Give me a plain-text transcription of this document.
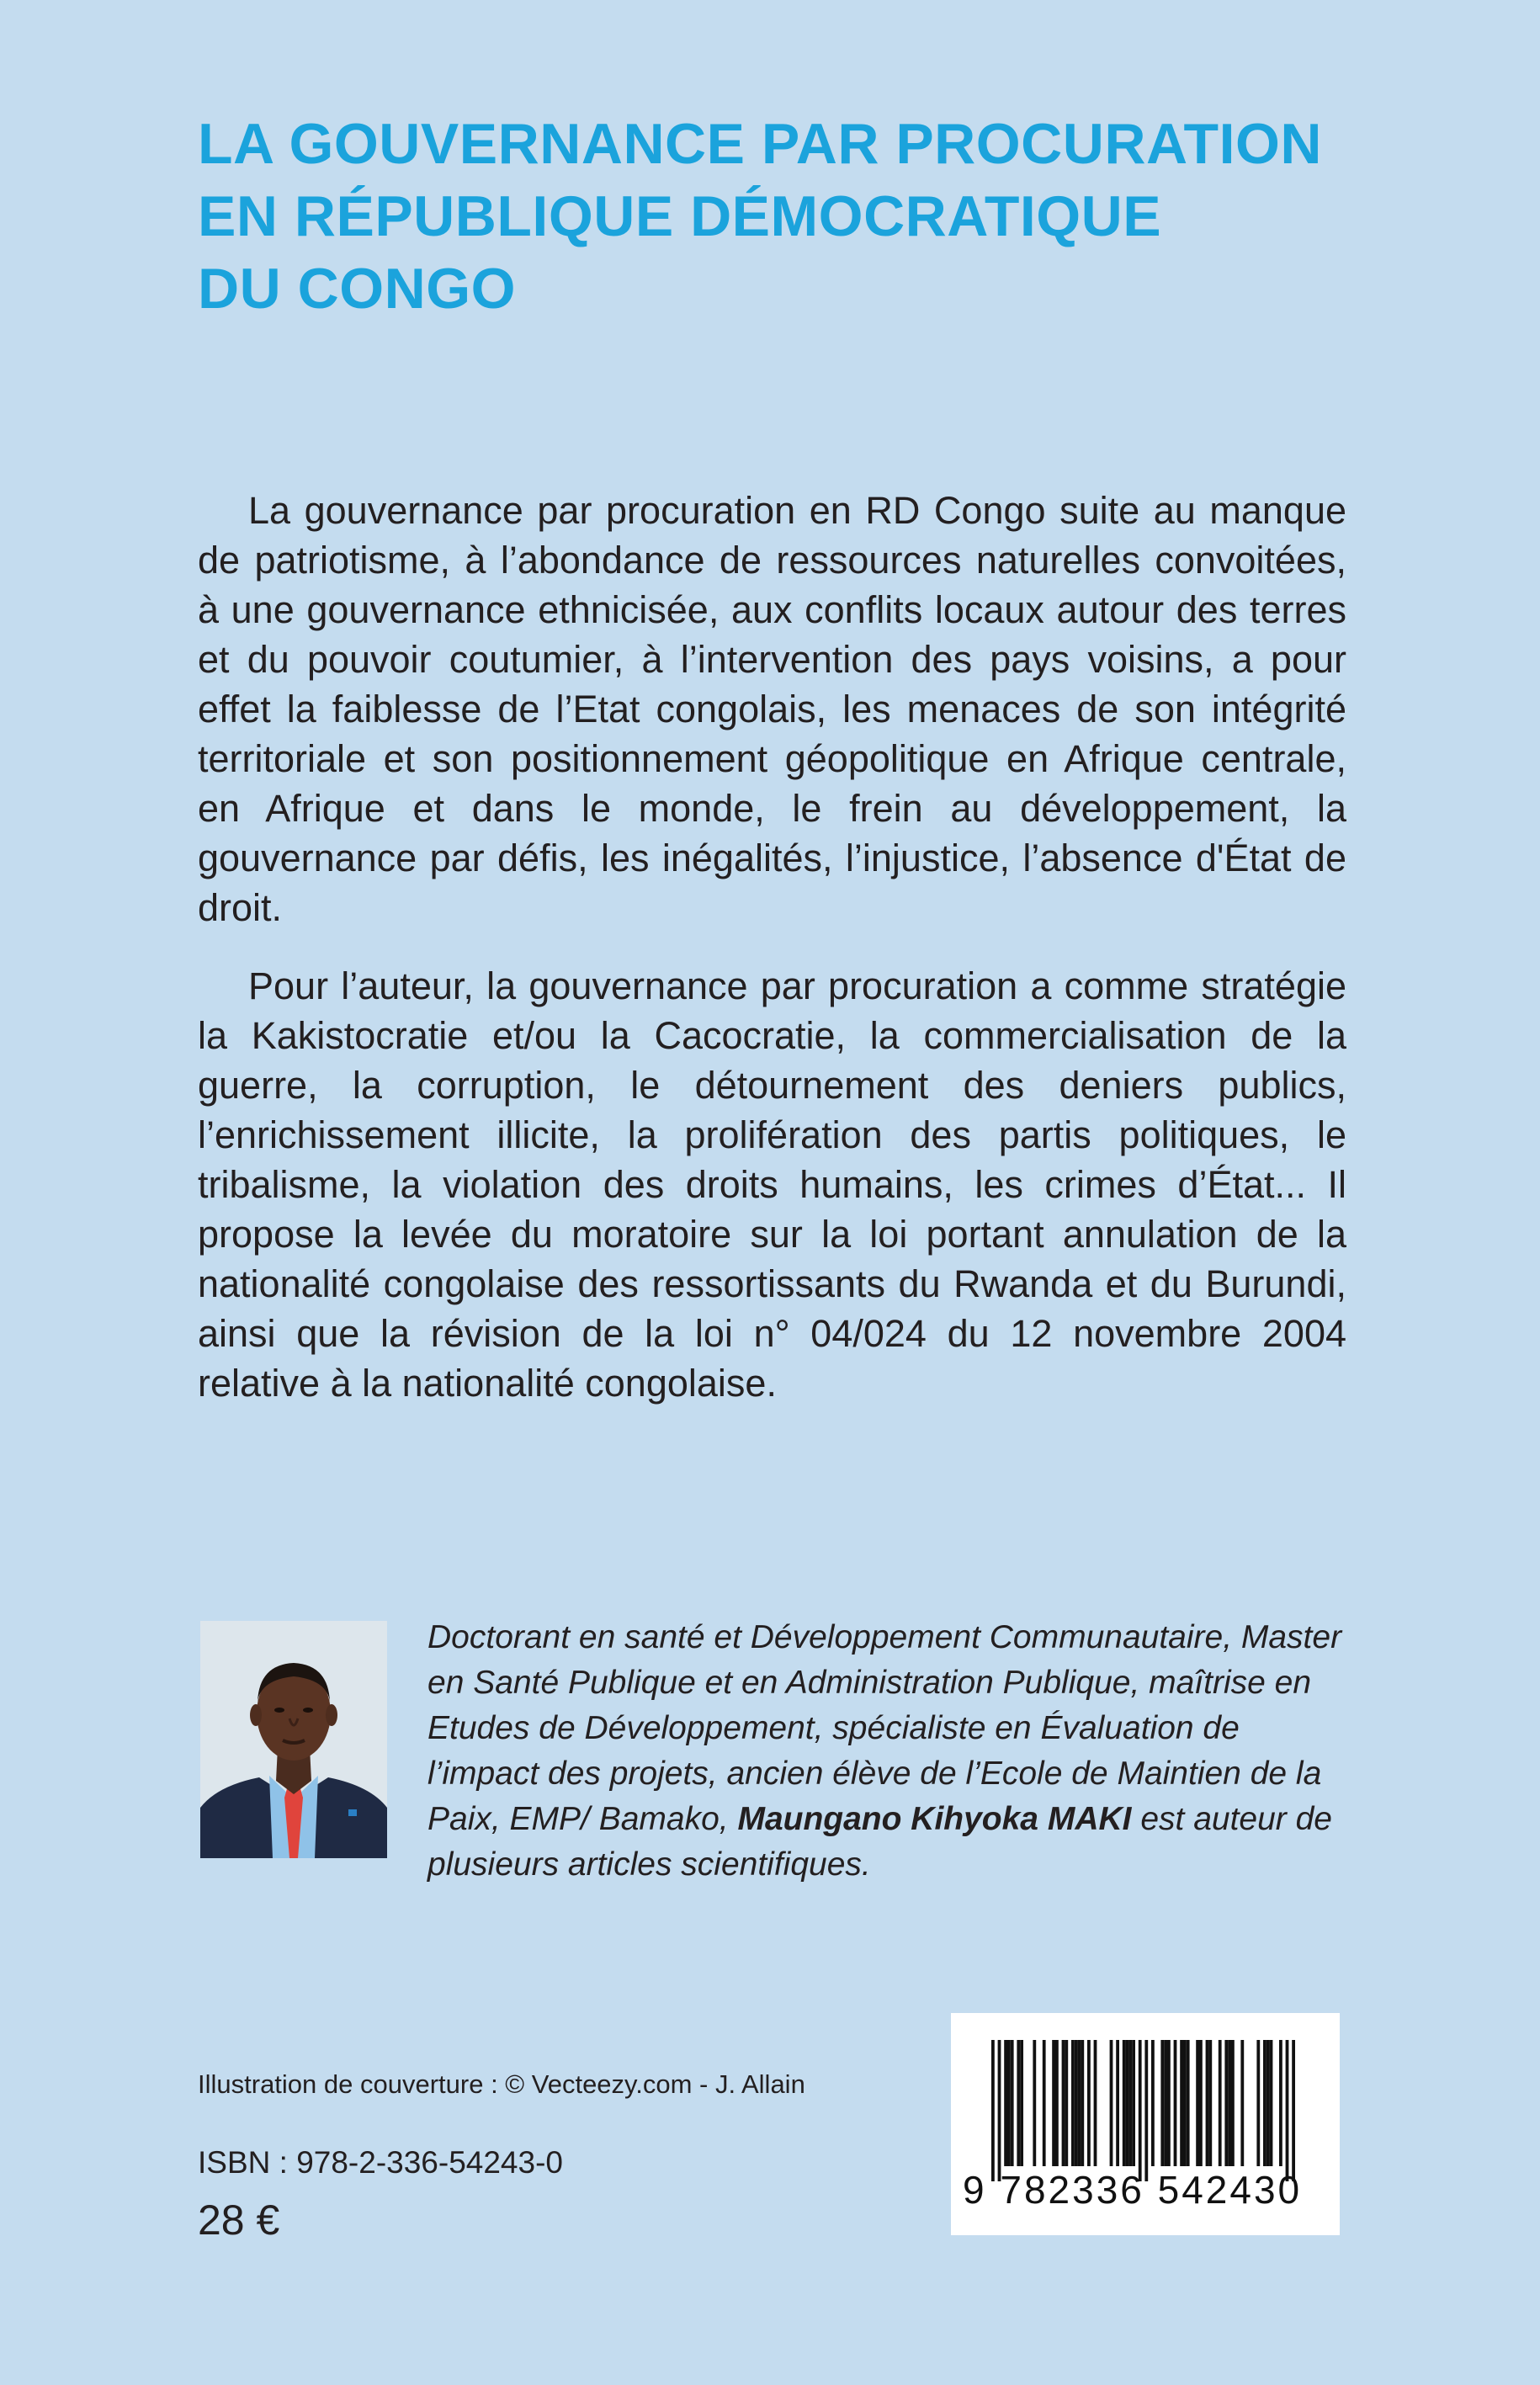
LA GOUVERNANCE PAR PROCURATION
EN RÉPUBLIQUE DÉMOCRATIQUE
DU CONGO

La gouvernance par procuration en RD Congo suite au manque de patriotisme, à l’abondance de ressources naturelles convoitées, à une gouvernance ethnicisée, aux conflits locaux autour des terres et du pouvoir coutumier, à l’intervention des pays voisins, a pour effet la faiblesse de l’Etat congolais, les menaces de son intégrité territoriale et son positionnement géopolitique en Afrique centrale, en Afrique et dans le monde, le frein au développement, la gouvernance par défis, les inégalités, l’injustice, l’absence d'État de droit.

Pour l’auteur, la gouvernance par procuration a comme stratégie la Kakistocratie et/ou la Cacocratie, la commercialisation de la guerre, la corruption, le détournement des deniers publics, l’enrichissement illicite, la prolifération des partis politiques, le tribalisme, la violation des droits humains, les crimes d’État... Il propose la levée du moratoire sur la loi portant annulation de la nationalité congolaise des ressortissants du Rwanda et du Burundi, ainsi que la révision de la loi n° 04/024 du 12 novembre 2004 relative à la nationalité congolaise.

Doctorant en santé et Développement Communautaire, Master en Santé Publique et en Administration Publique, maîtrise en Etudes de Développement, spécialiste en Évaluation de l’impact des projets, ancien élève de l’Ecole de Maintien de la Paix, EMP/ Bamako, Maungano Kihyoka MAKI est auteur de plusieurs articles scientifiques.

Illustration de couverture : © Vecteezy.com - J. Allain

ISBN : 978-2-336-54243-0

28 €

9 782336 542430
